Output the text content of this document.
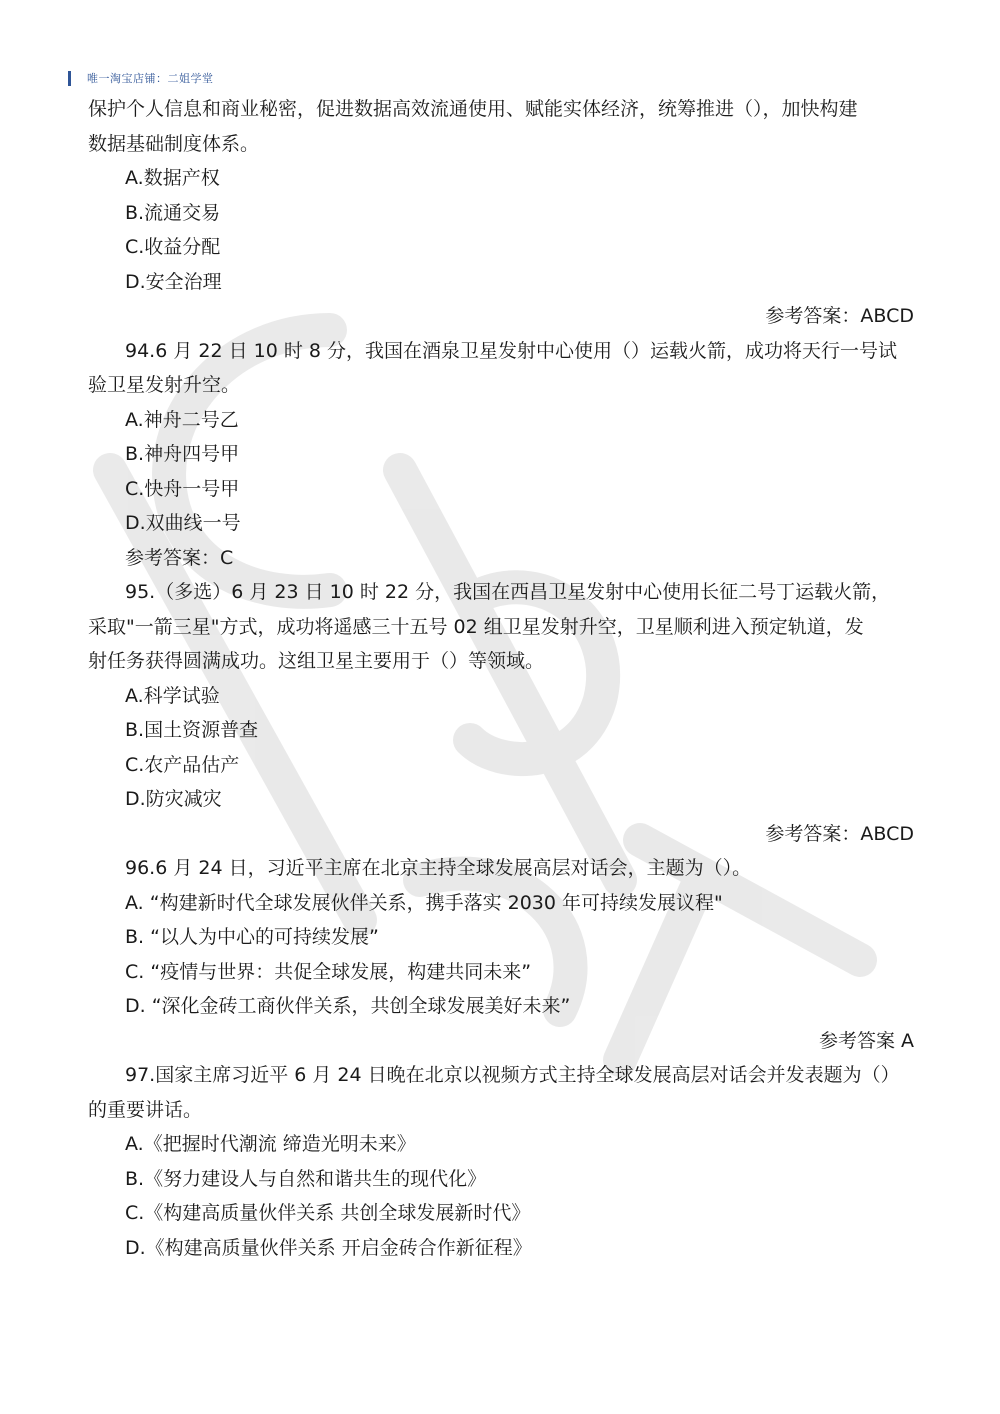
唯一淘宝店铺：二姐学堂
保护个人信息和商业秘密，促进数据高效流通使用、赋能实体经济，统筹推进（），加快构建
数据基础制度体系。
A.数据产权
B.流通交易
C.收益分配
D.安全治理
参考答案：ABCD
94.6 月 22 日 10 时 8 分，我国在酒泉卫星发射中心使用（）运载火箭，成功将天行一号试
验卫星发射升空。
A.神舟二号乙
B.神舟四号甲
C.快舟一号甲
D.双曲线一号
参考答案：C
95.（多选）6 月 23 日 10 时 22 分，我国在西昌卫星发射中心使用长征二号丁运载火箭，
采取"一箭三星"方式，成功将遥感三十五号 02 组卫星发射升空，卫星顺利进入预定轨道，发
射任务获得圆满成功。这组卫星主要用于（）等领域。
A.科学试验
B.国土资源普查
C.农产品估产
D.防灾减灾
参考答案：ABCD
96.6 月 24 日，习近平主席在北京主持全球发展高层对话会，主题为（）。
A. “构建新时代全球发展伙伴关系，携手落实 2030 年可持续发展议程"
B. “以人为中心的可持续发展”
C. “疫情与世界：共促全球发展，构建共同未来”
D. “深化金砖工商伙伴关系，共创全球发展美好未来”
参考答案 A
97.国家主席习近平 6 月 24 日晚在北京以视频方式主持全球发展高层对话会并发表题为（）
的重要讲话。
A.《把握时代潮流 缔造光明未来》
B.《努力建设人与自然和谐共生的现代化》
C.《构建高质量伙伴关系 共创全球发展新时代》
D.《构建高质量伙伴关系 开启金砖合作新征程》
